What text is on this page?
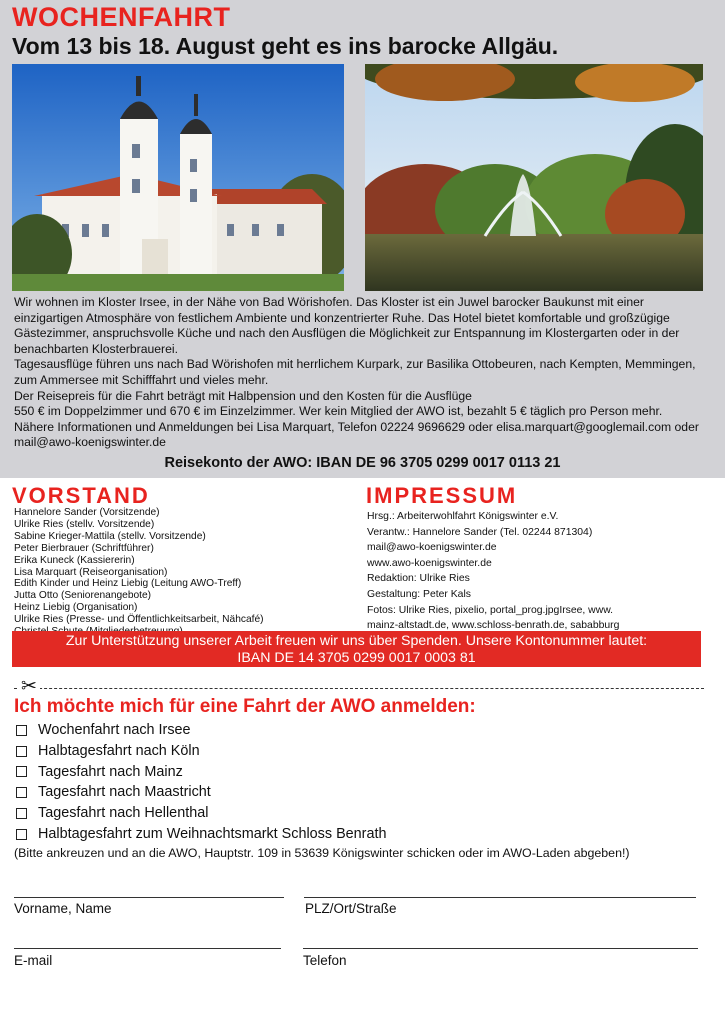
WOCHENFAHRT
Vom 13 bis 18. August geht es ins barocke Allgäu.

Wir wohnen im Kloster Irsee, in der Nähe von Bad Wörishofen. Das Kloster ist ein Juwel barocker Baukunst mit einer einzigartigen Atmosphäre von festlichem Ambiente und konzentrierter Ruhe. Das Hotel bietet komfortable und großzügige Gästezimmer, anspruchsvolle Küche und nach den Ausflügen die Möglichkeit zur Entspannung im Klostergarten oder in der benachbarten Klosterbrauerei.

Tagesausflüge führen uns nach Bad Wörishofen mit herrlichem Kurpark, zur Basilika Ottobeuren, nach Kempten, Memmingen, zum Ammersee mit Schifffahrt und vieles mehr.

Der Reisepreis für die Fahrt beträgt mit Halbpension und den Kosten für die Ausflüge

550 € im Doppelzimmer und 670 € im Einzelzimmer. Wer kein Mitglied der AWO ist, bezahlt 5 € täglich pro Person mehr.

Nähere Informationen und Anmeldungen bei Lisa Marquart, Telefon 02224 9696629 oder elisa.marquart@googlemail.com oder mail@awo-koenigswinter.de

Reisekonto der AWO: IBAN DE 96 3705 0299 0017 0113 21
VORSTAND
Hannelore Sander (Vorsitzende)
Ulrike Ries (stellv. Vorsitzende)
Sabine Krieger-Mattila (stellv. Vorsitzende)
Peter Bierbrauer (Schriftführer)
Erika Kuneck (Kassiererin)
Lisa Marquart (Reiseorganisation)
Edith Kinder und Heinz Liebig (Leitung AWO-Treff)
Jutta Otto (Seniorenangebote)
Heinz Liebig (Organisation)
Ulrike Ries (Presse- und Öffentlichkeitsarbeit, Nähcafé)
IMPRESSUM
Hrsg.: Arbeiterwohlfahrt Königswinter e.V.
Verantw.: Hannelore Sander (Tel. 02244 871304)
mail@awo-koenigswinter.de
www.awo-koenigswinter.de
Redaktion: Ulrike Ries
Gestaltung: Peter Kals
Fotos: Ulrike Ries, pixelio, portal_prog.jpgIrsee, www.
mainz-altstadt.de, www.schloss-benrath.de, sababburg
Zur Unterstützung unserer Arbeit freuen wir uns über Spenden. Unsere Kontonummer lautet:
IBAN DE 14 3705 0299 0017 0003 81
✂
Ich möchte mich für eine Fahrt der AWO anmelden:
Wochenfahrt nach Irsee
Halbtagesfahrt nach Köln
Tagesfahrt nach Mainz
Tagesfahrt nach Maastricht
Tagesfahrt nach Hellenthal
Halbtagesfahrt zum Weihnachtsmarkt Schloss Benrath
(Bitte ankreuzen und an die AWO, Hauptstr. 109 in 53639 Königswinter schicken oder im AWO-Laden abgeben!)
Vorname, Name	PLZ/Ort/Straße
E-mail	Telefon
